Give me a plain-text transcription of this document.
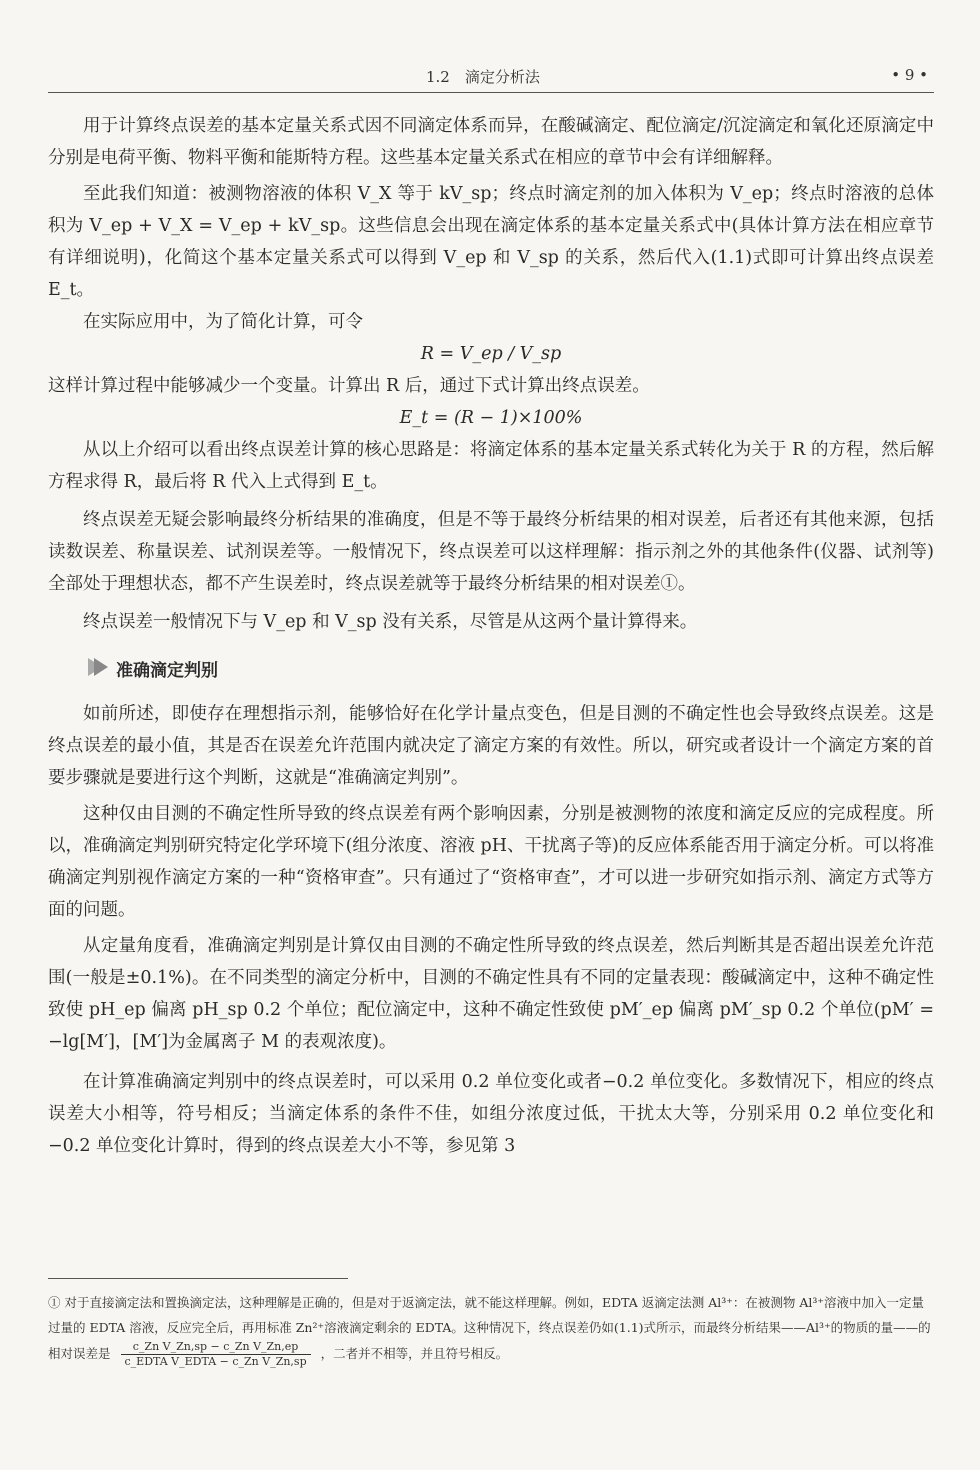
1.2　滴定分析法	• 9 •

用于计算终点误差的基本定量关系式因不同滴定体系而异，在酸碱滴定、配位滴定/沉淀滴定和氧化还原滴定中分别是电荷平衡、物料平衡和能斯特方程。这些基本定量关系式在相应的章节中会有详细解释。

至此我们知道：被测物溶液的体积 V_X 等于 kV_sp；终点时滴定剂的加入体积为 V_ep；终点时溶液的总体积为 V_ep + V_X = V_ep + kV_sp。这些信息会出现在滴定体系的基本定量关系式中(具体计算方法在相应章节有详细说明)，化简这个基本定量关系式可以得到 V_ep 和 V_sp 的关系，然后代入(1.1)式即可计算出终点误差 E_t。

在实际应用中，为了简化计算，可令

R = V_ep / V_sp

这样计算过程中能够减少一个变量。计算出 R 后，通过下式计算出终点误差。

E_t = (R − 1)×100%

从以上介绍可以看出终点误差计算的核心思路是：将滴定体系的基本定量关系式转化为关于 R 的方程，然后解方程求得 R，最后将 R 代入上式得到 E_t。

终点误差无疑会影响最终分析结果的准确度，但是不等于最终分析结果的相对误差，后者还有其他来源，包括读数误差、称量误差、试剂误差等。一般情况下，终点误差可以这样理解：指示剂之外的其他条件(仪器、试剂等)全部处于理想状态，都不产生误差时，终点误差就等于最终分析结果的相对误差①。

终点误差一般情况下与 V_ep 和 V_sp 没有关系，尽管是从这两个量计算得来。

准确滴定判别

如前所述，即使存在理想指示剂，能够恰好在化学计量点变色，但是目测的不确定性也会导致终点误差。这是终点误差的最小值，其是否在误差允许范围内就决定了滴定方案的有效性。所以，研究或者设计一个滴定方案的首要步骤就是要进行这个判断，这就是“准确滴定判别”。

这种仅由目测的不确定性所导致的终点误差有两个影响因素，分别是被测物的浓度和滴定反应的完成程度。所以，准确滴定判别研究特定化学环境下(组分浓度、溶液 pH、干扰离子等)的反应体系能否用于滴定分析。可以将准确滴定判别视作滴定方案的一种“资格审查”。只有通过了“资格审查”，才可以进一步研究如指示剂、滴定方式等方面的问题。

从定量角度看，准确滴定判别是计算仅由目测的不确定性所导致的终点误差，然后判断其是否超出误差允许范围(一般是±0.1%)。在不同类型的滴定分析中，目测的不确定性具有不同的定量表现：酸碱滴定中，这种不确定性致使 pH_ep 偏离 pH_sp 0.2 个单位；配位滴定中，这种不确定性致使 pM′_ep 偏离 pM′_sp 0.2 个单位(pM′ = −lg[M′]，[M′]为金属离子 M 的表观浓度)。

在计算准确滴定判别中的终点误差时，可以采用 0.2 单位变化或者−0.2 单位变化。多数情况下，相应的终点误差大小相等，符号相反；当滴定体系的条件不佳，如组分浓度过低，干扰太大等，分别采用 0.2 单位变化和−0.2 单位变化计算时，得到的终点误差大小不等，参见第 3

① 对于直接滴定法和置换滴定法，这种理解是正确的，但是对于返滴定法，就不能这样理解。例如，EDTA 返滴定法测 Al³⁺：在被测物 Al³⁺溶液中加入一定量过量的 EDTA 溶液，反应完全后，再用标准 Zn²⁺溶液滴定剩余的 EDTA。这种情况下，终点误差仍如(1.1)式所示，而最终分析结果——Al³⁺的物质的量——的相对误差是 $\frac{\text{c\_Zn V\_Zn,sp − c\_Zn V\_Zn,ep}}{\text{c\_EDTA V\_EDTA − c\_Zn V\_Zn,sp}}$ ，二者并不相等，并且符号相反。
